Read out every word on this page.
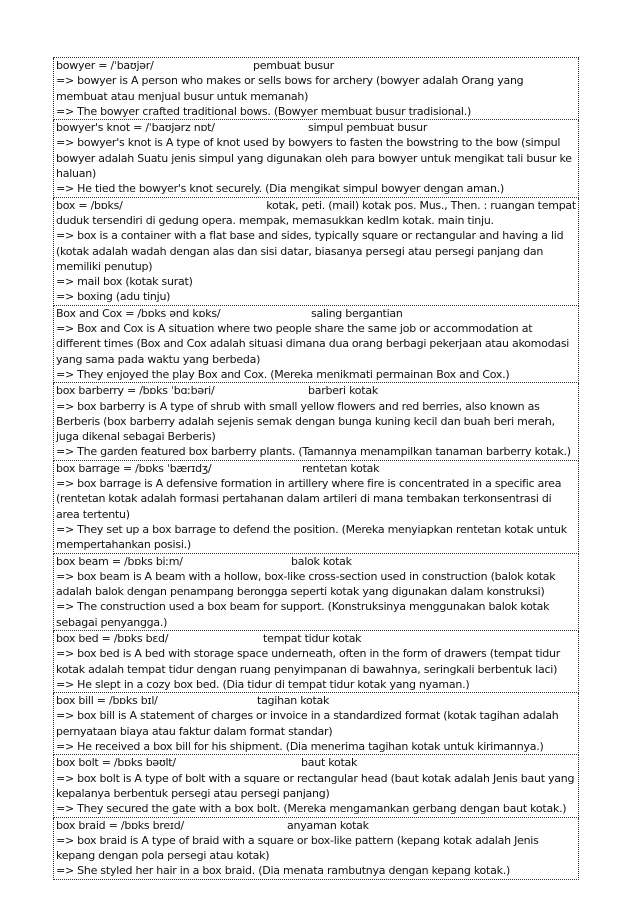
bowyer = /ˈbaʊjər/	pembuat busur

=> bowyer is A person who makes or sells bows for archery (bowyer adalah Orang yang membuat atau menjual busur untuk memanah)

=> The bowyer crafted traditional bows. (Bowyer membuat busur tradisional.)

bowyer's knot = /ˈbaʊjərz nɒt/	simpul pembuat busur

=> bowyer's knot is A type of knot used by bowyers to fasten the bowstring to the bow (simpul bowyer adalah Suatu jenis simpul yang digunakan oleh para bowyer untuk mengikat tali busur ke haluan)

=> He tied the bowyer's knot securely. (Dia mengikat simpul bowyer dengan aman.)

box = /bɒks/	kotak, peti. (mail) kotak pos. Mus., Then. : ruangan tempat

duduk tersendiri di gedung opera. mempak, memasukkan kedlm kotak. main tinju.

=> box is a container with a flat base and sides, typically square or rectangular and having a lid (kotak adalah wadah dengan alas dan sisi datar, biasanya persegi atau persegi panjang dan memiliki penutup)

=> mail box (kotak surat)

=> boxing (adu tinju)

Box and Cox = /bɒks ənd kɒks/	saling bergantian

=> Box and Cox is A situation where two people share the same job or accommodation at different times (Box and Cox adalah situasi dimana dua orang berbagi pekerjaan atau akomodasi yang sama pada waktu yang berbeda)

=> They enjoyed the play Box and Cox. (Mereka menikmati permainan Box and Cox.)

box barberry = /bɒks ˈbɑːbəri/	barberi kotak

=> box barberry is A type of shrub with small yellow flowers and red berries, also known as Berberis (box barberry adalah sejenis semak dengan bunga kuning kecil dan buah beri merah, juga dikenal sebagai Berberis)

=> The garden featured box barberry plants. (Tamannya menampilkan tanaman barberry kotak.)

box barrage = /bɒks ˈbærɪdʒ/	rentetan kotak

=> box barrage is A defensive formation in artillery where fire is concentrated in a specific area (rentetan kotak adalah formasi pertahanan dalam artileri di mana tembakan terkonsentrasi di area tertentu)

=> They set up a box barrage to defend the position. (Mereka menyiapkan rentetan kotak untuk mempertahankan posisi.)

box beam = /bɒks biːm/	balok kotak

=> box beam is A beam with a hollow, box-like cross-section used in construction (balok kotak adalah balok dengan penampang berongga seperti kotak yang digunakan dalam konstruksi)

=> The construction used a box beam for support. (Konstruksinya menggunakan balok kotak sebagai penyangga.)

box bed = /bɒks bɛd/	tempat tidur kotak

=> box bed is A bed with storage space underneath, often in the form of drawers (tempat tidur kotak adalah tempat tidur dengan ruang penyimpanan di bawahnya, seringkali berbentuk laci)

=> He slept in a cozy box bed. (Dia tidur di tempat tidur kotak yang nyaman.)

box bill = /bɒks bɪl/	tagihan kotak

=> box bill is A statement of charges or invoice in a standardized format (kotak tagihan adalah pernyataan biaya atau faktur dalam format standar)

=> He received a box bill for his shipment. (Dia menerima tagihan kotak untuk kirimannya.)

box bolt = /bɒks bəʊlt/	baut kotak

=> box bolt is A type of bolt with a square or rectangular head (baut kotak adalah Jenis baut yang kepalanya berbentuk persegi atau persegi panjang)

=> They secured the gate with a box bolt. (Mereka mengamankan gerbang dengan baut kotak.)

box braid = /bɒks breɪd/	anyaman kotak

=> box braid is A type of braid with a square or box-like pattern (kepang kotak adalah Jenis kepang dengan pola persegi atau kotak)

=> She styled her hair in a box braid. (Dia menata rambutnya dengan kepang kotak.)
